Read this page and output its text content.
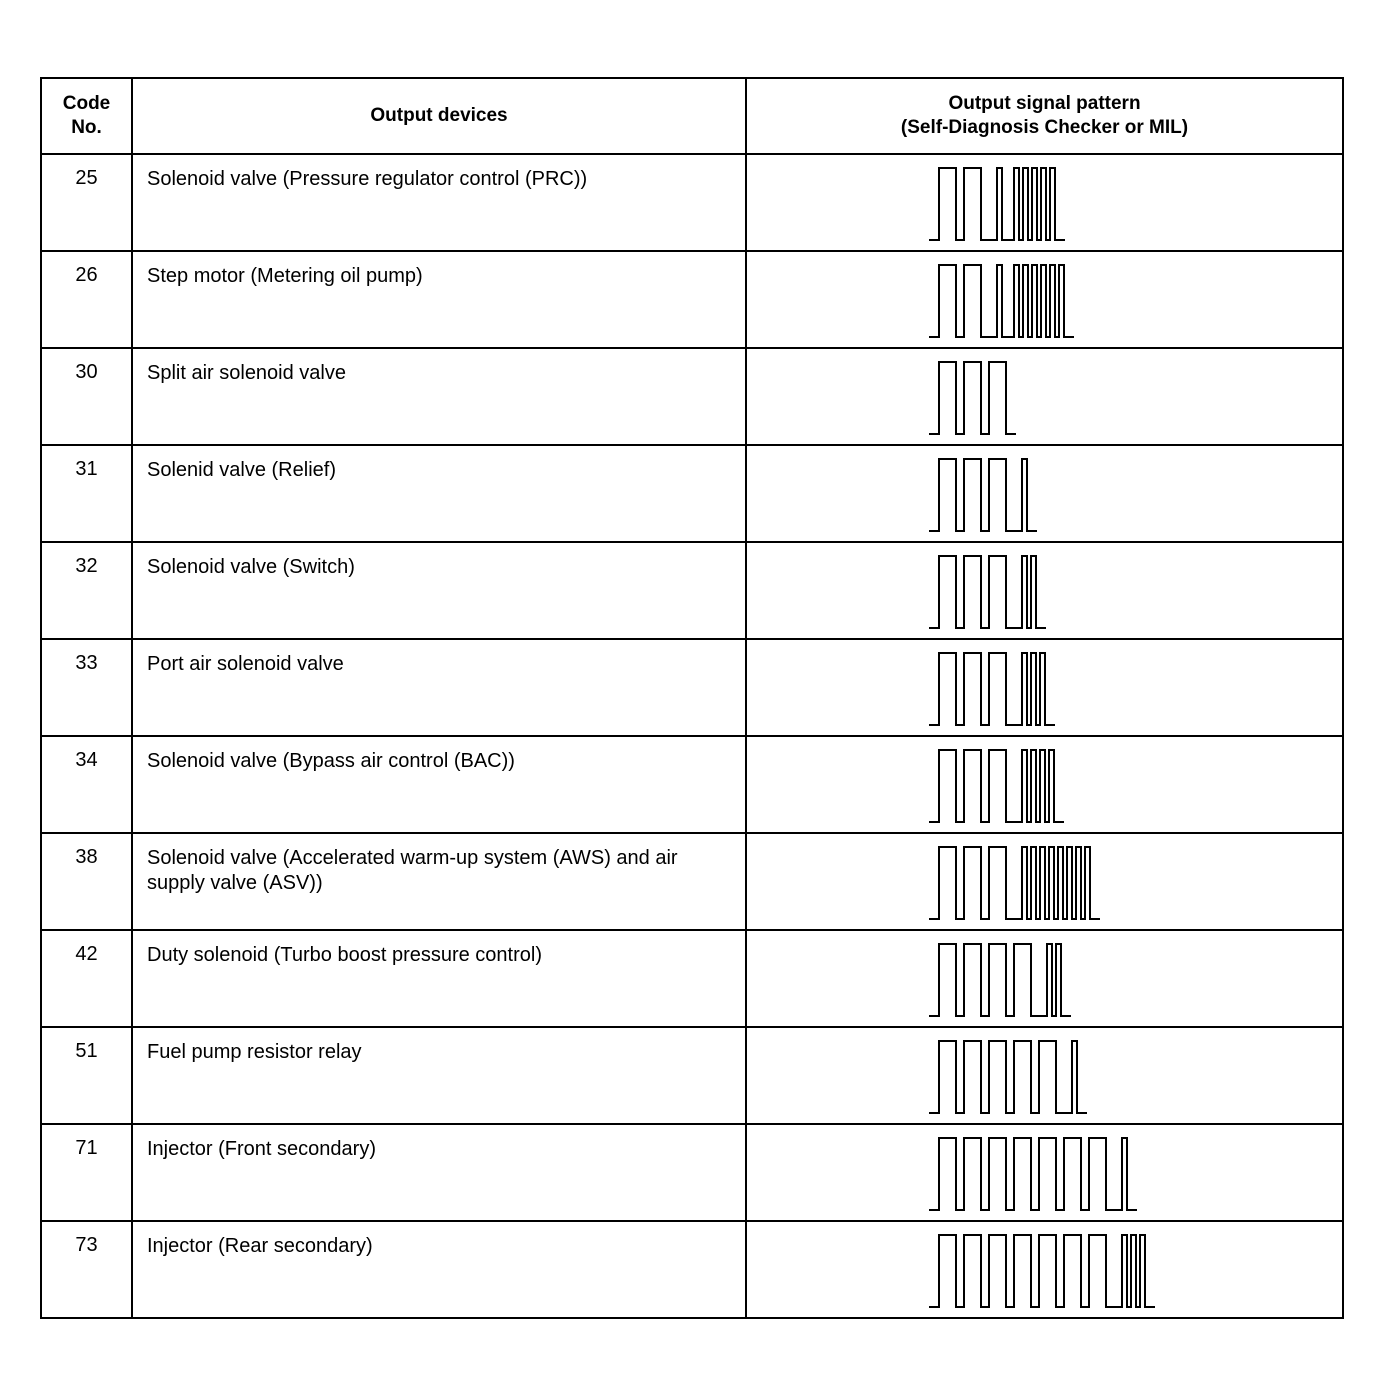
Code
No.	Output devices	Output signal pattern
(Self-Diagnosis Checker or MIL)

25	Solenoid valve (Pressure regulator control (PRC))	

26	Step motor (Metering oil pump)	

30	Split air solenoid valve	

31	Solenid valve (Relief)	

32	Solenoid valve (Switch)	

33	Port air solenoid valve	

34	Solenoid valve (Bypass air control (BAC))	

38	Solenoid valve (Accelerated warm-up system (AWS) and air supply valve (ASV))	

42	Duty solenoid (Turbo boost pressure control)	

51	Fuel pump resistor relay	

71	Injector (Front secondary)	

73	Injector (Rear secondary)	
